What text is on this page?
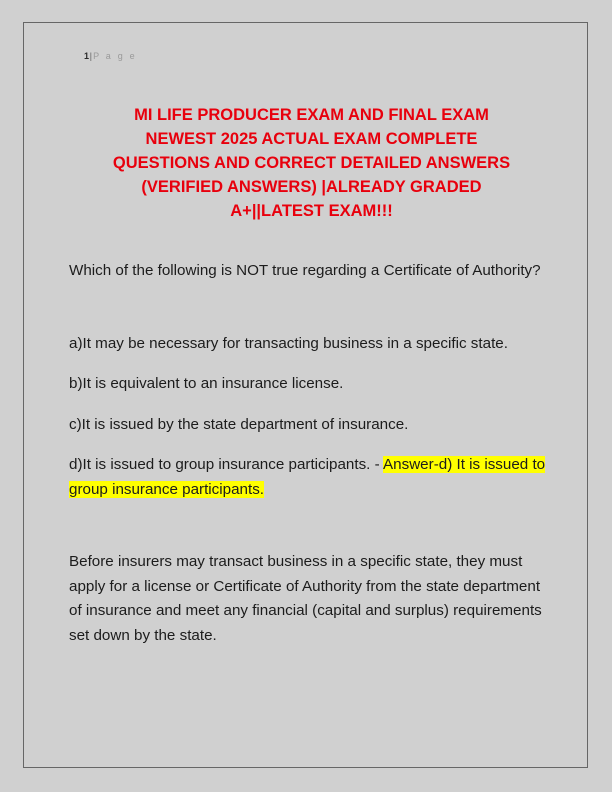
1|P a g e

MI LIFE PRODUCER EXAM AND FINAL EXAM
NEWEST 2025 ACTUAL EXAM COMPLETE
QUESTIONS AND CORRECT DETAILED ANSWERS
(VERIFIED ANSWERS) |ALREADY GRADED
A+||LATEST EXAM!!!

Which of the following is NOT true regarding a Certificate of Authority?

a)It may be necessary for transacting business in a specific state.

b)It is equivalent to an insurance license.

c)It is issued by the state department of insurance.

d)It is issued to group insurance participants. - Answer-d) It is issued to group insurance participants.

Before insurers may transact business in a specific state, they must apply for a license or Certificate of Authority from the state department of insurance and meet any financial (capital and surplus) requirements set down by the state.
